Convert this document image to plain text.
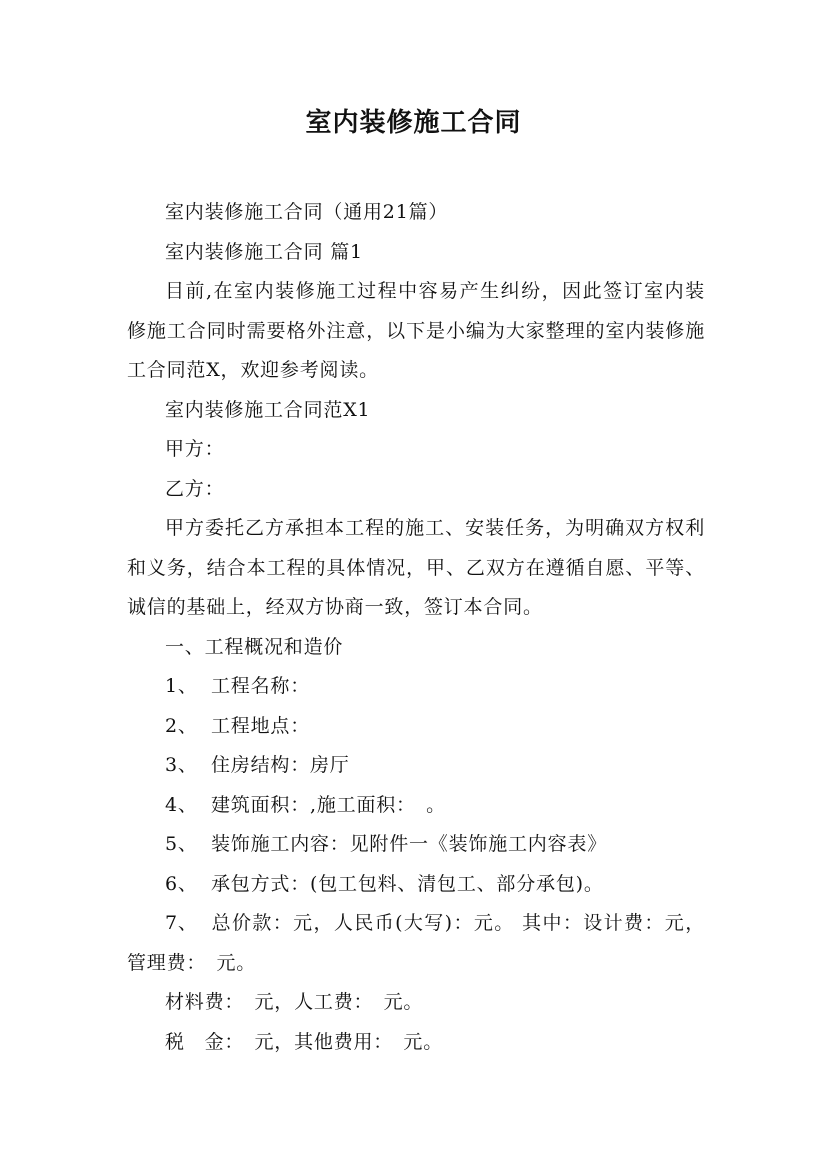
室内装修施工合同

室内装修施工合同（通用21篇）

室内装修施工合同 篇1

目前,在室内装修施工过程中容易产生纠纷，因此签订室内装修施工合同时需要格外注意，以下是小编为大家整理的室内装修施工合同范X，欢迎参考阅读。

室内装修施工合同范X1

甲方：

乙方：

甲方委托乙方承担本工程的施工、安装任务，为明确双方权利和义务，结合本工程的具体情况，甲、乙双方在遵循自愿、平等、诚信的基础上，经双方协商一致，签订本合同。

一、工程概况和造价

1、 工程名称：

2、 工程地点：

3、 住房结构：房厅

4、 建筑面积：,施工面积：　。

5、 装饰施工内容：见附件一《装饰施工内容表》

6、 承包方式：(包工包料、清包工、部分承包)。

7、 总价款：元，人民币(大写)：元。 其中：设计费：元，管理费：　元。

材料费：　元，人工费：　元。

税　金：　元，其他费用：　元。
